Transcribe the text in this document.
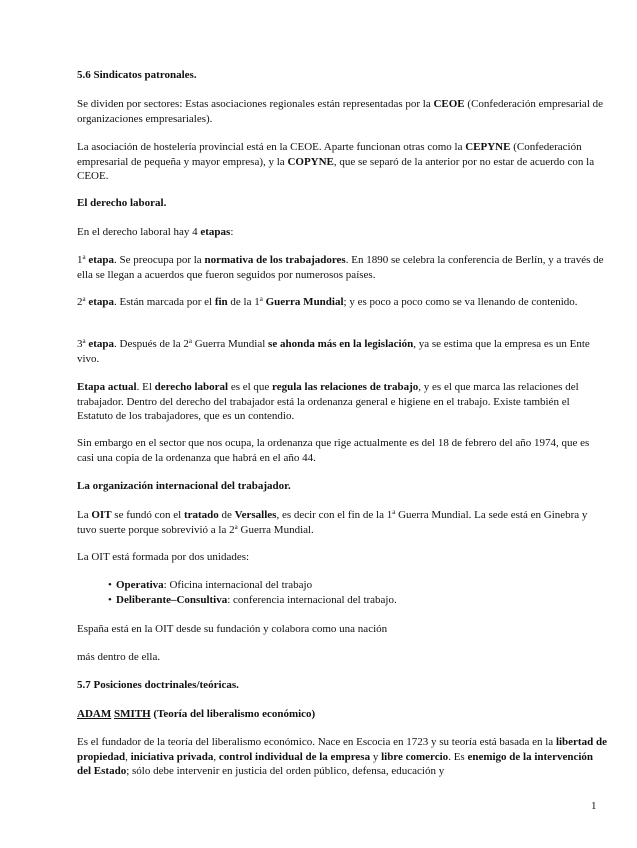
5.6 Sindicatos patronales.

Se dividen por sectores: Estas asociaciones regionales están representadas por la CEOE (Confederación empresarial de organizaciones empresariales).

La asociación de hostelería provincial está en la CEOE. Aparte funcionan otras como la CEPYNE (Confederación empresarial de pequeña y mayor empresa), y la COPYNE, que se separó de la anterior por no estar de acuerdo con la CEOE.

El derecho laboral.

En el derecho laboral hay 4 etapas:

1$^a$ etapa. Se preocupa por la normativa de los trabajadores. En 1890 se celebra la conferencia de Berlín, y a través de ella se llegan a acuerdos que fueron seguidos por numerosos países.

2$^a$ etapa. Están marcada por el fin de la 1$^a$ Guerra Mundial; y es poco a poco como se va llenando de contenido.

3$^a$ etapa. Después de la 2$^a$ Guerra Mundial se ahonda más en la legislación, ya se estima que la empresa es un Ente vivo.

Etapa actual. El derecho laboral es el que regula las relaciones de trabajo, y es el que marca las relaciones del trabajador. Dentro del derecho del trabajador está la ordenanza general e higiene en el trabajo. Existe también el Estatuto de los trabajadores, que es un contendio.

Sin embargo en el sector que nos ocupa, la ordenanza que rige actualmente es del 18 de febrero del año 1974, que es casi una copia de la ordenanza que habrá en el año 44.

La organización internacional del trabajador.

La OIT se fundó con el tratado de Versalles, es decir con el fin de la 1$^a$ Guerra Mundial. La sede está en Ginebra y tuvo suerte porque sobrevivió a la 2$^a$ Guerra Mundial.

La OIT está formada por dos unidades:

• Operativa: Oficina internacional del trabajo
• Deliberante–Consultiva: conferencia internacional del trabajo.

España está en la OIT desde su fundación y colabora como una nación

más dentro de ella.

5.7 Posiciones doctrinales/teóricas.

ADAM SMITH (Teoría del liberalismo económico)

Es el fundador de la teoría del liberalismo económico. Nace en Escocia en 1723 y su teoría está basada en la libertad de propiedad, iniciativa privada, control individual de la empresa y libre comercio. Es enemigo de la intervención del Estado; sólo debe intervenir en justicia del orden público, defensa, educación y

1
